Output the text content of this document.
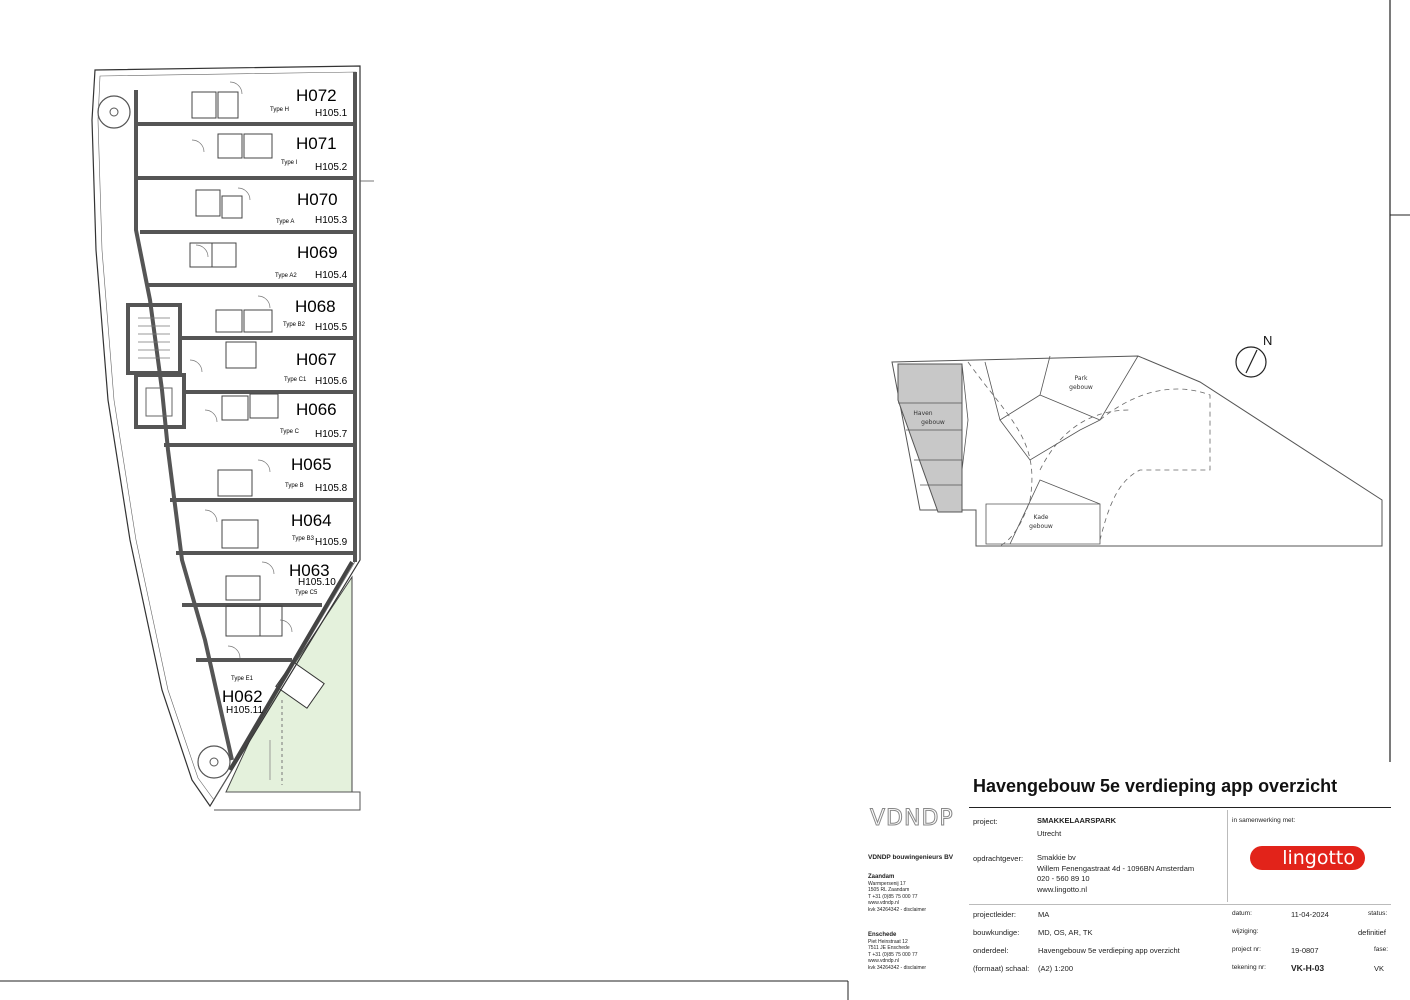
H072
H105.1
Type H
H071
H105.2
Type I
H070
H105.3
Type A
H069
H105.4
Type A2
H068
H105.5
Type B2
H067
H105.6
Type C1
H066
H105.7
Type C
H065
H105.8
Type B
H064
H105.9
Type B3
H063
H105.10
Type C5
H062
H105.11
Type E1
Haven
gebouw
Park
gebouw
Kade
gebouw
N
Havengebouw 5e verdieping app overzicht
VDNDP
VDNDP bouwingenieurs BV
Zaandam
Warmpersenij 17
1505 RL Zaandam
T +31 (0)85 75 000 77
www.vdndp.nl
kvk 34264342 - disclaimer
Enschede
Piet Heinstraat 12
7511 JE Enschede
T +31 (0)85 75 000 77
www.vdndp.nl
kvk 34264342 - disclaimer
project:	SMAKKELAARSPARK
Utrecht
in samenwerking met:
lingotto
opdrachtgever: Smakkie bv
Willem Fenengastraat 4d - 1096BN Amsterdam
020 - 560 89 10
www.lingotto.nl
projectleider:	MA	datum:	11-04-2024	status:
bouwkundige: MD, OS, AR, TK	wijziging:	definitief
onderdeel:	Havengebouw 5e verdieping app overzicht	project nr:	19-0807	fase:
(formaat) schaal: (A2) 1:200	tekening nr:	VK-H-03	VK
